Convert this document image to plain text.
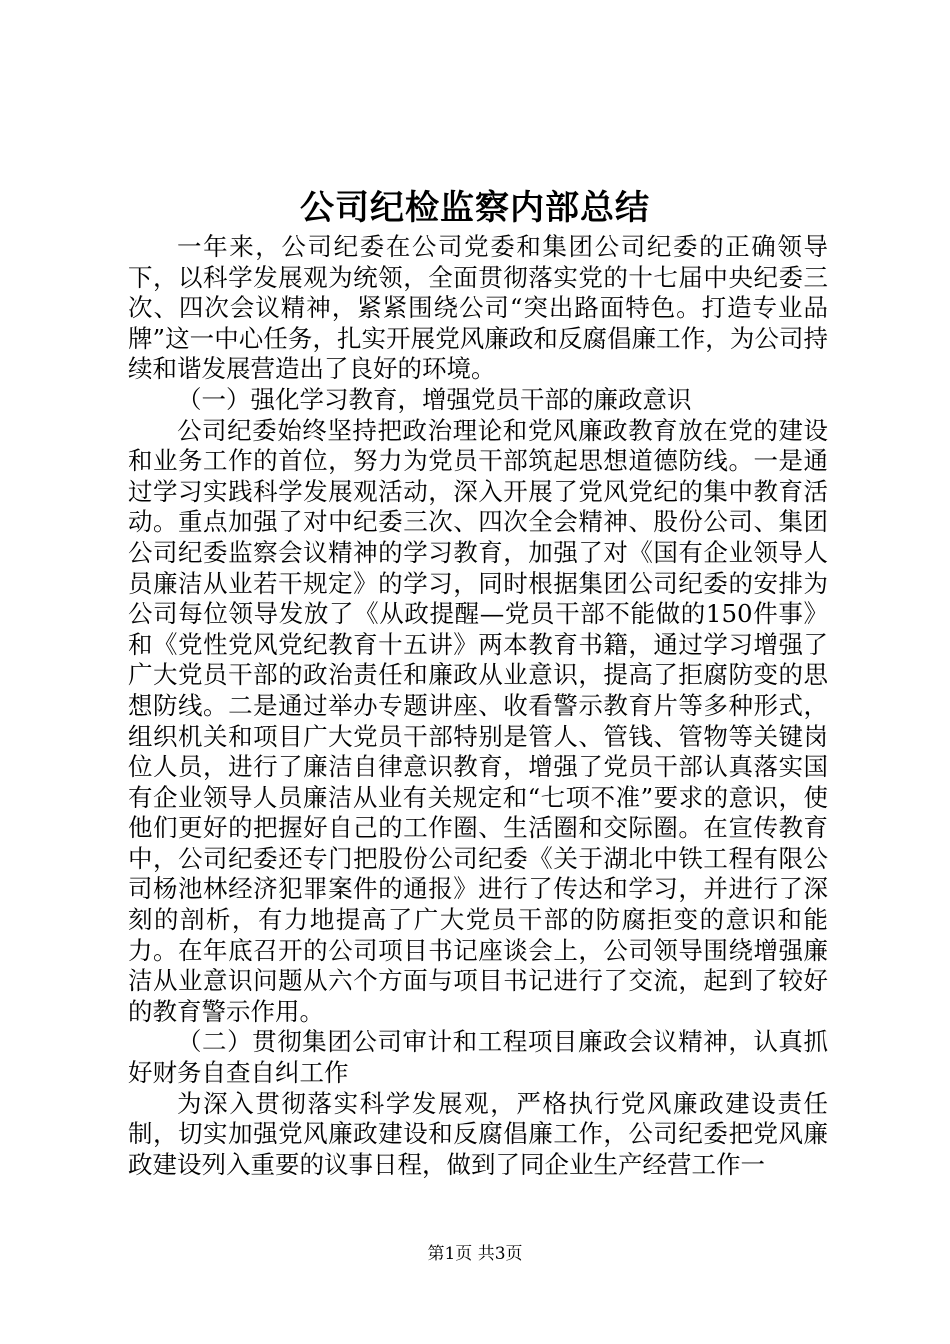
公司纪检监察内部总结

一年来，公司纪委在公司党委和集团公司纪委的正确领导下，以科学发展观为统领，全面贯彻落实党的十七届中央纪委三次、四次会议精神，紧紧围绕公司“突出路面特色。打造专业品牌”这一中心任务，扎实开展党风廉政和反腐倡廉工作，为公司持续和谐发展营造出了良好的环境。

（一）强化学习教育，增强党员干部的廉政意识

公司纪委始终坚持把政治理论和党风廉政教育放在党的建设和业务工作的首位，努力为党员干部筑起思想道德防线。一是通过学习实践科学发展观活动，深入开展了党风党纪的集中教育活动。重点加强了对中纪委三次、四次全会精神、股份公司、集团公司纪委监察会议精神的学习教育，加强了对《国有企业领导人员廉洁从业若干规定》的学习，同时根据集团公司纪委的安排为公司每位领导发放了《从政提醒—党员干部不能做的150件事》和《党性党风党纪教育十五讲》两本教育书籍，通过学习增强了广大党员干部的政治责任和廉政从业意识，提高了拒腐防变的思想防线。二是通过举办专题讲座、收看警示教育片等多种形式，组织机关和项目广大党员干部特别是管人、管钱、管物等关键岗位人员，进行了廉洁自律意识教育，增强了党员干部认真落实国有企业领导人员廉洁从业有关规定和“七项不准”要求的意识，使他们更好的把握好自己的工作圈、生活圈和交际圈。在宣传教育中，公司纪委还专门把股份公司纪委《关于湖北中铁工程有限公司杨池林经济犯罪案件的通报》进行了传达和学习，并进行了深刻的剖析，有力地提高了广大党员干部的防腐拒变的意识和能力。在年底召开的公司项目书记座谈会上，公司领导围绕增强廉洁从业意识问题从六个方面与项目书记进行了交流，起到了较好的教育警示作用。

（二）贯彻集团公司审计和工程项目廉政会议精神，认真抓好财务自查自纠工作

为深入贯彻落实科学发展观，严格执行党风廉政建设责任制，切实加强党风廉政建设和反腐倡廉工作，公司纪委把党风廉政建设列入重要的议事日程，做到了同企业生产经营工作一

第1页 共3页
